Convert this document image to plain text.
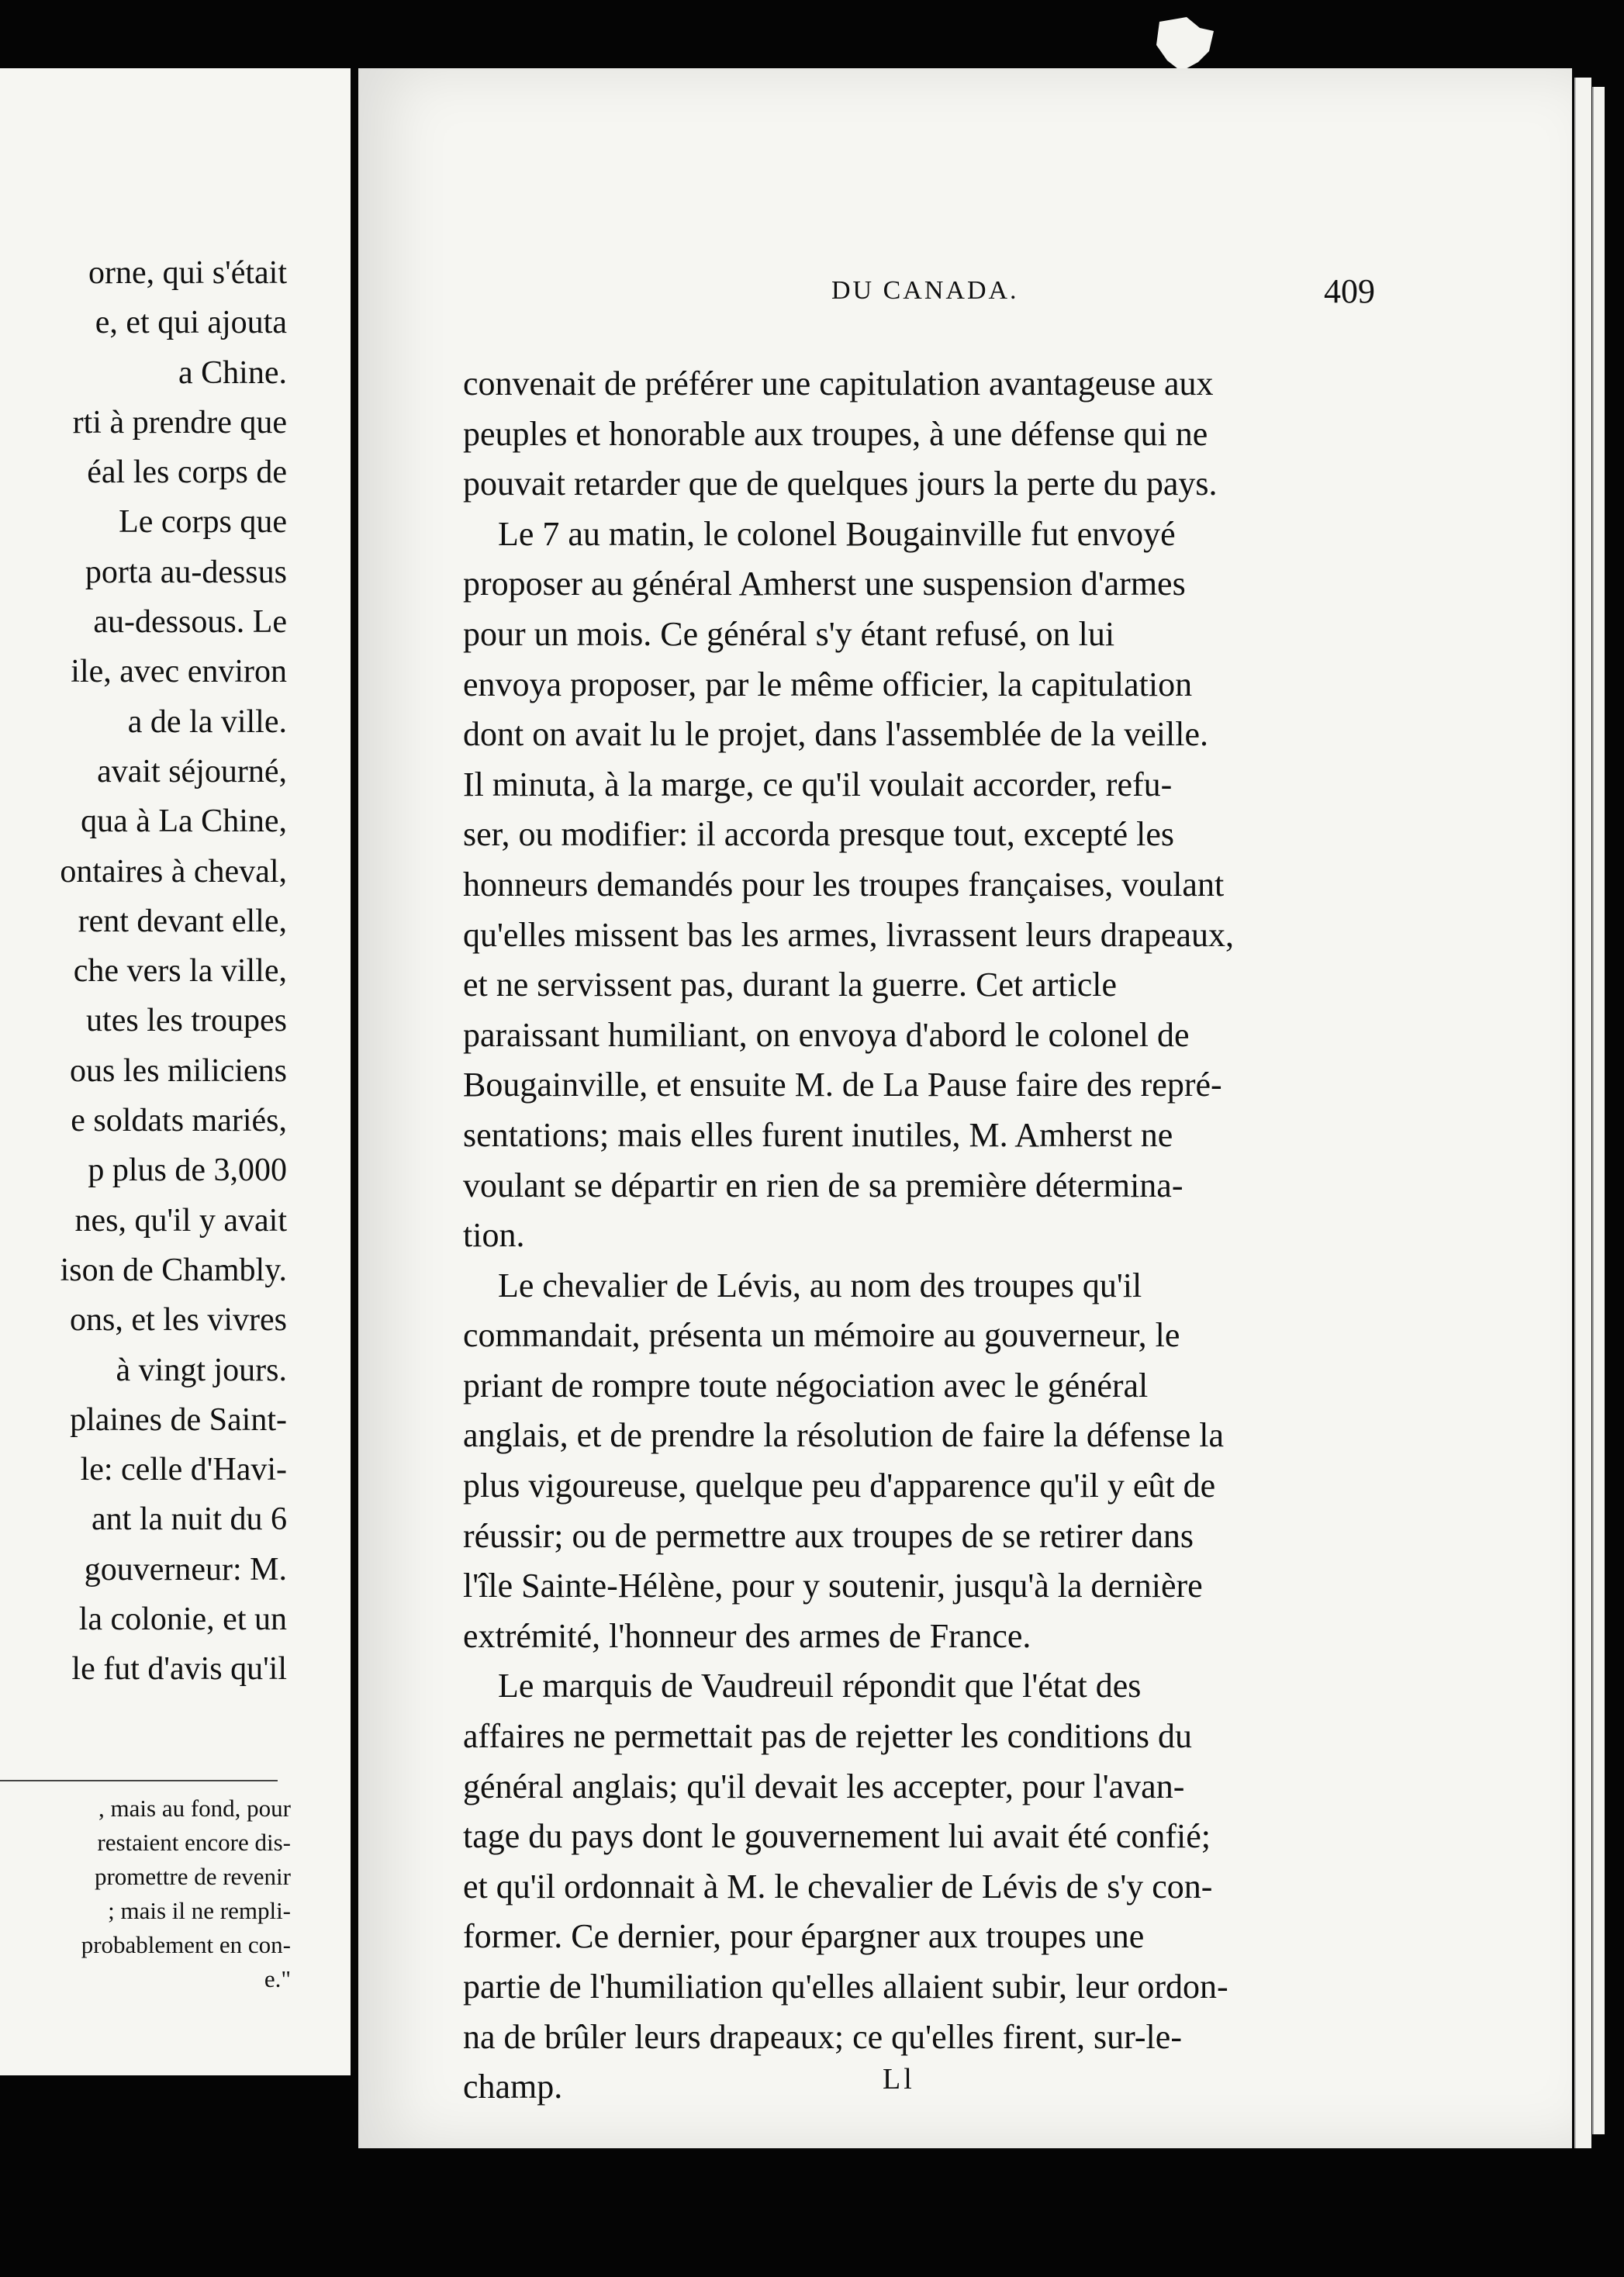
orne, qui s'était
e, et qui ajouta
a Chine.
rti à prendre que
éal les corps de
Le corps que
porta au-dessus
au-dessous. Le
ile, avec environ
a de la ville.
avait séjourné,
qua à La Chine,
ontaires à cheval,
rent devant elle,
che vers la ville,
utes les troupes
ous les miliciens
e soldats mariés,
p plus de 3,000
nes, qu'il y avait
ison de Chambly.
ons, et les vivres
à vingt jours.
plaines de Saint-
le: celle d'Havi-
ant la nuit du 6
gouverneur: M.
la colonie, et un
le fut d'avis qu'il
, mais au fond, pour
restaient encore dis-
promettre de revenir
; mais il ne rempli-
probablement en con-
e."
DU CANADA.	409
convenait de préférer une capitulation avantageuse aux
peuples et honorable aux troupes, à une défense qui ne
pouvait retarder que de quelques jours la perte du pays.
Le 7 au matin, le colonel Bougainville fut envoyé
proposer au général Amherst une suspension d'armes
pour un mois. Ce général s'y étant refusé, on lui
envoya proposer, par le même officier, la capitulation
dont on avait lu le projet, dans l'assemblée de la veille.
Il minuta, à la marge, ce qu'il voulait accorder, refu-
ser, ou modifier: il accorda presque tout, excepté les
honneurs demandés pour les troupes françaises, voulant
qu'elles missent bas les armes, livrassent leurs drapeaux,
et ne servissent pas, durant la guerre. Cet article
paraissant humiliant, on envoya d'abord le colonel de
Bougainville, et ensuite M. de La Pause faire des repré-
sentations; mais elles furent inutiles, M. Amherst ne
voulant se départir en rien de sa première détermina-
tion.
Le chevalier de Lévis, au nom des troupes qu'il
commandait, présenta un mémoire au gouverneur, le
priant de rompre toute négociation avec le général
anglais, et de prendre la résolution de faire la défense la
plus vigoureuse, quelque peu d'apparence qu'il y eût de
réussir; ou de permettre aux troupes de se retirer dans
l'île Sainte-Hélène, pour y soutenir, jusqu'à la dernière
extrémité, l'honneur des armes de France.
Le marquis de Vaudreuil répondit que l'état des
affaires ne permettait pas de rejetter les conditions du
général anglais; qu'il devait les accepter, pour l'avan-
tage du pays dont le gouvernement lui avait été confié;
et qu'il ordonnait à M. le chevalier de Lévis de s'y con-
former. Ce dernier, pour épargner aux troupes une
partie de l'humiliation qu'elles allaient subir, leur ordon-
na de brûler leurs drapeaux; ce qu'elles firent, sur-le-
champ.	Ll
